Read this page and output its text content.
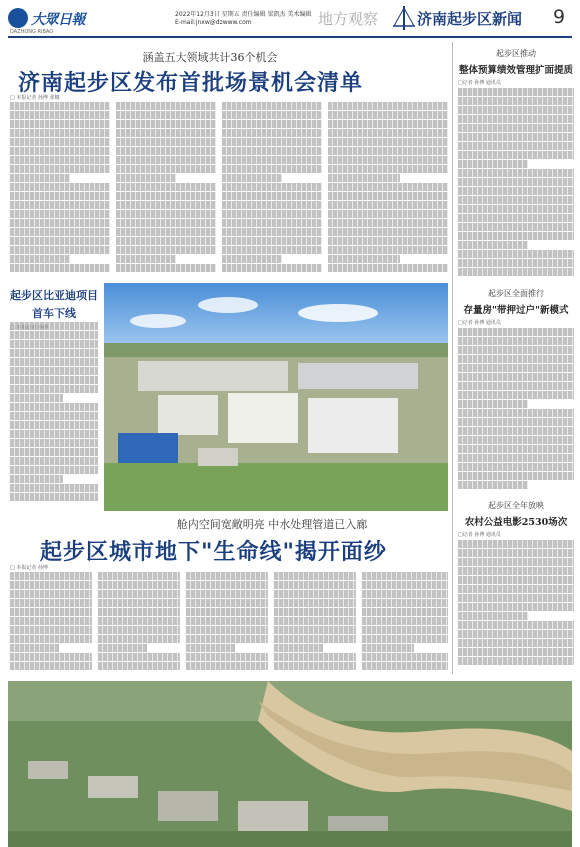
大眾日報
DAZHONG RIBAO
2022年12月3日 星期五 责任编辑 梁凯杰 美术编辑
E-mail:jnxw@dzwww.com	地方观察	济南起步区新闻	9
涵盖五大领域共计36个机会
济南起步区发布首批场景机会清单
□ 本报记者 孙博 张娜
起步区比亚迪项目
首车下线
起步区推动
整体预算绩效管理扩面提质
□记者 孙博 通讯员
起步区全面推行
存量房"带押过户"新模式
□记者 孙博 通讯员
起步区全年放映
农村公益电影2530场次
□记者 孙博 通讯员
舱内空间宽敞明亮 中水处理管道已入廊
起步区城市地下"生命线"揭开面纱
□ 本报记者 孙博
